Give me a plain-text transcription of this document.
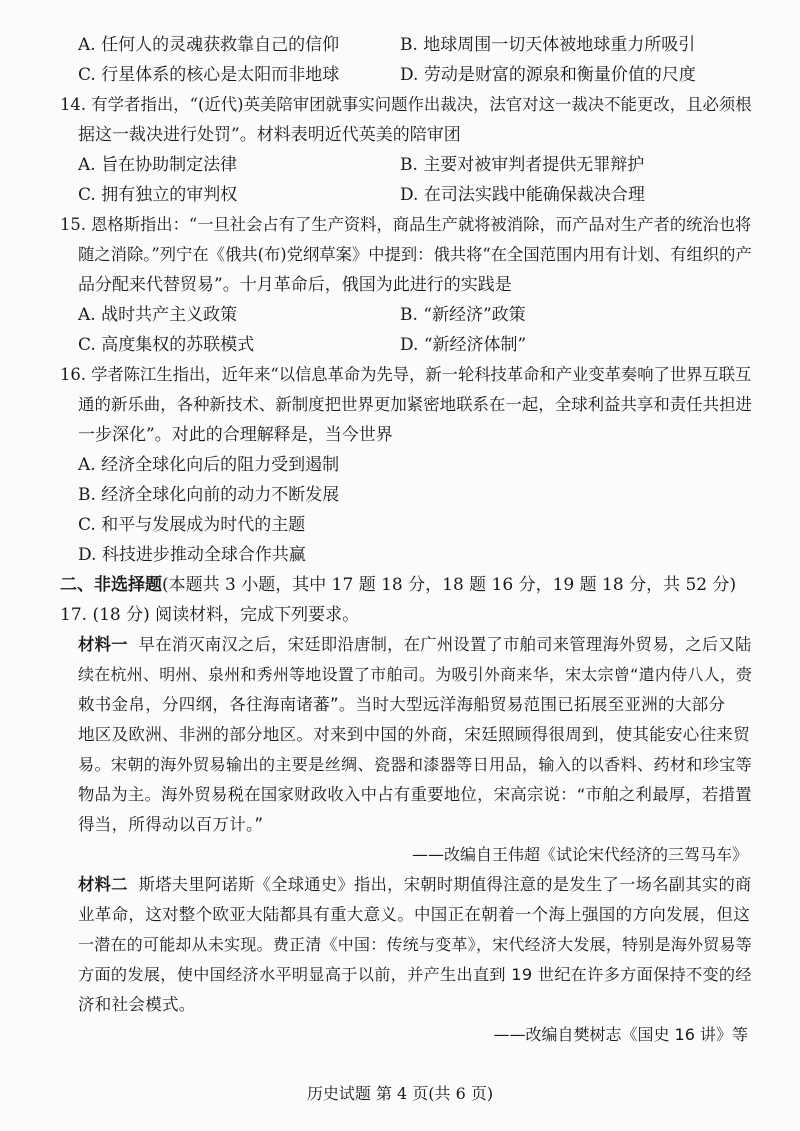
A. 任何人的灵魂获救靠自己的信仰	B. 地球周围一切天体被地球重力所吸引
C. 行星体系的核心是太阳而非地球	D. 劳动是财富的源泉和衡量价值的尺度
14. 有学者指出，“(近代)英美陪审团就事实问题作出裁决，法官对这一裁决不能更改，且必须根
据这一裁决进行处罚”。材料表明近代英美的陪审团
A. 旨在协助制定法律	B. 主要对被审判者提供无罪辩护
C. 拥有独立的审判权	D. 在司法实践中能确保裁决合理
15. 恩格斯指出：“一旦社会占有了生产资料，商品生产就将被消除，而产品对生产者的统治也将
随之消除。”列宁在《俄共(布)党纲草案》中提到：俄共将“在全国范围内用有计划、有组织的产
品分配来代替贸易”。十月革命后，俄国为此进行的实践是
A. 战时共产主义政策	B. “新经济”政策
C. 高度集权的苏联模式	D. “新经济体制”
16. 学者陈江生指出，近年来“以信息革命为先导，新一轮科技革命和产业变革奏响了世界互联互
通的新乐曲，各种新技术、新制度把世界更加紧密地联系在一起，全球利益共享和责任共担进
一步深化”。对此的合理解释是，当今世界
A. 经济全球化向后的阻力受到遏制
B. 经济全球化向前的动力不断发展
C. 和平与发展成为时代的主题
D. 科技进步推动全球合作共赢
二、非选择题(本题共 3 小题，其中 17 题 18 分，18 题 16 分，19 题 18 分，共 52 分)
17. (18 分) 阅读材料，完成下列要求。
材料一 早在消灭南汉之后，宋廷即沿唐制，在广州设置了市舶司来管理海外贸易，之后又陆
续在杭州、明州、泉州和秀州等地设置了市舶司。为吸引外商来华，宋太宗曾“遣内侍八人，赍
敕书金帛，分四纲，各往海南诸蕃”。当时大型远洋海船贸易范围已拓展至亚洲的大部分
地区及欧洲、非洲的部分地区。对来到中国的外商，宋廷照顾得很周到，使其能安心往来贸
易。宋朝的海外贸易输出的主要是丝绸、瓷器和漆器等日用品，输入的以香料、药材和珍宝等
物品为主。海外贸易税在国家财政收入中占有重要地位，宋高宗说：“市舶之利最厚，若措置
得当，所得动以百万计。”
——改编自王伟超《试论宋代经济的三驾马车》
材料二 斯塔夫里阿诺斯《全球通史》指出，宋朝时期值得注意的是发生了一场名副其实的商
业革命，这对整个欧亚大陆都具有重大意义。中国正在朝着一个海上强国的方向发展，但这
一潜在的可能却从未实现。费正清《中国：传统与变革》，宋代经济大发展，特别是海外贸易等
方面的发展，使中国经济水平明显高于以前，并产生出直到 19 世纪在许多方面保持不变的经
济和社会模式。
——改编自樊树志《国史 16 讲》等
历史试题 第 4 页(共 6 页)
